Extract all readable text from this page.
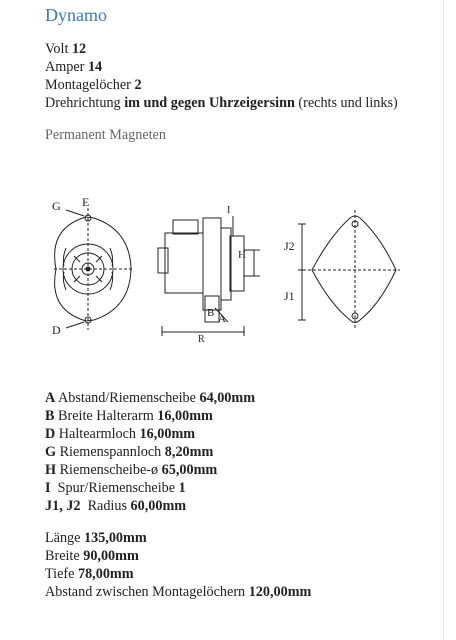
Dynamo
Volt 12
Amper 14
Montagelöcher 2
Drehrichtung im und gegen Uhrzeigersinn (rechts und links)
Permanent Magneten
G E
D
I
H
B A
R
J1
J2
A Abstand/Riemenscheibe 64,00mm
B Breite Halterarm 16,00mm
D Haltearmloch 16,00mm
G Riemenspannloch 8,20mm
H Riemenscheibe-ø 65,00mm
I Spur/Riemenscheibe 1
J1, J2 Radius 60,00mm
Länge 135,00mm
Breite 90,00mm
Tiefe 78,00mm
Abstand zwischen Montagelöchern 120,00mm
